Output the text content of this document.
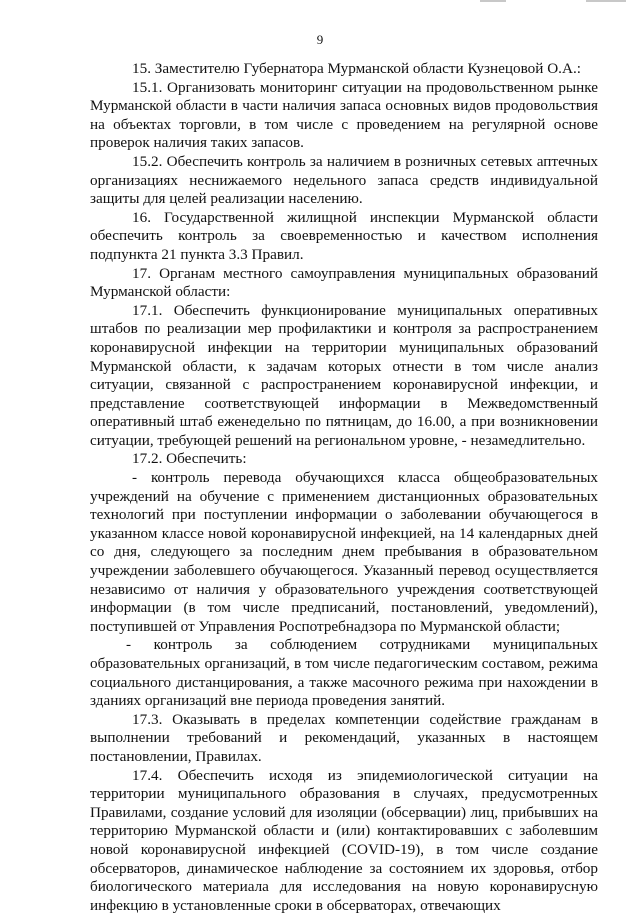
9

15. Заместителю Губернатора Мурманской области Кузнецовой О.А.:

15.1. Организовать мониторинг ситуации на продовольственном рынке Мурманской области в части наличия запаса основных видов продовольствия на объектах торговли, в том числе с проведением на регулярной основе проверок наличия таких запасов.

15.2. Обеспечить контроль за наличием в розничных сетевых аптечных организациях неснижаемого недельного запаса средств индивидуальной защиты для целей реализации населению.

16. Государственной жилищной инспекции Мурманской области обеспечить контроль за своевременностью и качеством исполнения подпункта 21 пункта 3.3 Правил.

17. Органам местного самоуправления муниципальных образований Мурманской области:

17.1. Обеспечить функционирование муниципальных оперативных штабов по реализации мер профилактики и контроля за распространением коронавирусной инфекции на территории муниципальных образований Мурманской области, к задачам которых отнести в том числе анализ ситуации, связанной с распространением коронавирусной инфекции, и представление соответствующей информации в Межведомственный оперативный штаб еженедельно по пятницам, до 16.00, а при возникновении ситуации, требующей решений на региональном уровне, - незамедлительно.

17.2. Обеспечить:

- контроль перевода обучающихся класса общеобразовательных учреждений на обучение с применением дистанционных образовательных технологий при поступлении информации о заболевании обучающегося в указанном классе новой коронавирусной инфекцией, на 14 календарных дней со дня, следующего за последним днем пребывания в образовательном учреждении заболевшего обучающегося. Указанный перевод осуществляется независимо от наличия у образовательного учреждения соответствующей информации (в том числе предписаний, постановлений, уведомлений), поступившей от Управления Роспотребнадзора по Мурманской области;

- контроль за соблюдением сотрудниками муниципальных образовательных организаций, в том числе педагогическим составом, режима социального дистанцирования, а также масочного режима при нахождении в зданиях организаций вне периода проведения занятий.

17.3. Оказывать в пределах компетенции содействие гражданам в выполнении требований и рекомендаций, указанных в настоящем постановлении, Правилах.

17.4. Обеспечить исходя из эпидемиологической ситуации на территории муниципального образования в случаях, предусмотренных Правилами, создание условий для изоляции (обсервации) лиц, прибывших на территорию Мурманской области и (или) контактировавших с заболевшим новой коронавирусной инфекцией (COVID-19), в том числе создание обсерваторов, динамическое наблюдение за состоянием их здоровья, отбор биологического материала для исследования на новую коронавирусную инфекцию в установленные сроки в обсерваторах, отвечающих
